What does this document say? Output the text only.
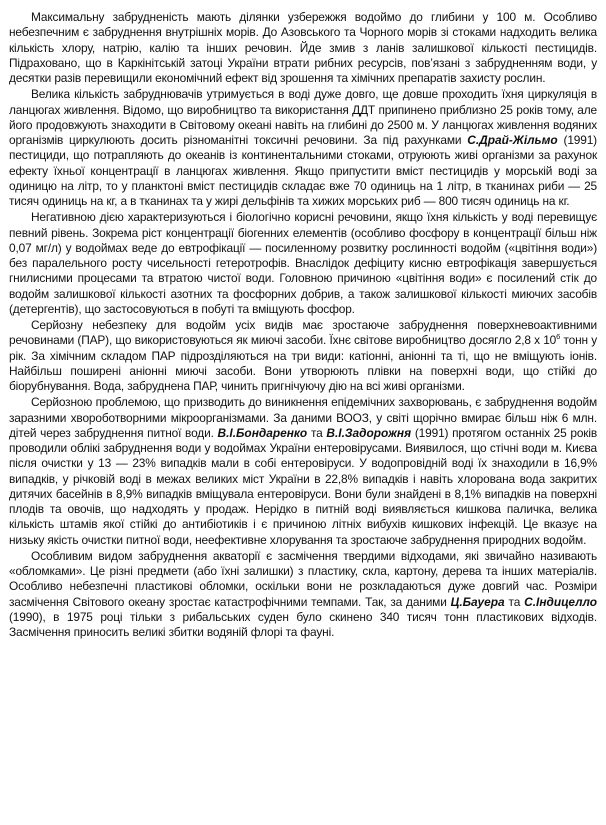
Максимальну забрудненість мають ділянки узбережжя водоймо до глибини у 100 м. Особливо небезпечним є забруднення внутрішніх морів. До Азовського та Чорного морів зі стоками надходить велика кількість хлору, натрію, калію та інших речовин. Йде змив з ланів залишкової кількості пестицидів. Підраховано, що в Каркінітській затоці України втрати рибних ресурсів, пов’язані з забрудненням води, у десятки разів перевищили економічний ефект від зрошення та хімічних препаратів захисту рослин.

Велика кількість забруднювачів утримується в воді дуже довго, ще довше проходить їхня циркуляція в ланцюгах живлення. Відомо, що виробництво та використання ДДТ припинено приблизно 25 років тому, але його продовжують знаходити в Світовому океані навіть на глибині до 2500 м. У ланцюгах живлення водяних організмів циркулюють досить різноманітні токсичні речовини. За під рахунками С.Драй-Жільмо (1991) пестициди, що потрапляють до океанів із континентальними стоками, отруюють живі організми за рахунок ефекту їхньої концентрації в ланцюгах живлення. Якщо припустити вміст пестицидів у морській воді за одиницю на літр, то у планктоні вміст пестицидів складає вже 70 одиниць на 1 літр, в тканинах риби — 25 тисяч одиниць на кг, а в тканинах та у жирі дельфінів та хижих морських риб — 800 тисяч одиниць на кг.

Негативною дією характеризуються і біологічно корисні речовини, якщо їхня кількість у воді перевищує певний рівень. Зокрема ріст концентрації біогенних елементів (особливо фосфору в концентрації більш ніж 0,07 мг/л) у водоймах веде до евтрофікації — посиленному розвитку рослинності водойм («цвітіння води») без паралельного росту чисельності гетеротрофів. Внаслідок дефіциту кисню евтрофікація завершується гнилисними процесами та втратою чистої води. Головною причиною «цвітіння води» є посилений стік до водойм залишкової кількості азотних та фосфорних добрив, а також залишкової кількості миючих засобів (детергентів), що застосовуються в побуті та вміщують фосфор.

Серйозну небезпеку для водойм усіх видів має зростаюче забруднення поверхневоактивними речовинами (ПАР), що використовуються як миючі засоби. Їхнє світове виробництво досягло 2,8 х $10^6$ тонн у рік. За хімічним складом ПАР підрозділяються на три види: катіонні, аніонні та ті, що не вміщують іонів. Найбільш поширені аніонні миючі засоби. Вони утворюють плівки на поверхні води, що стійкі до біорубнування. Вода, забруднена ПАР, чинить пригнічуючу дію на всі живі організми.

Серйозною проблемою, що призводить до виникнення епідемічних захворювань, є забруднення водойм заразними хвороботворними мікроорганізмами. За даними ВООЗ, у світі щорічно вмирає більш ніж 6 млн. дітей через забруднення питної води. В.І.Бондаренко та В.І.Задорожня (1991) протягом останніх 25 років проводили облікі забруднення води у водоймах України ентеровірусами. Виявилося, що стічні води м. Києва після очистки у 13 — 23% випадків мали в собі ентеровіруси. У водопровідній воді їх знаходили в 16,9% випадків, у річковій воді в межах великих міст України в 22,8% випадків і навіть хлорована вода закритих дитячих басейнів в 8,9% випадків вміщувала ентеровіруси. Вони були знайдені в 8,1% випадків на поверхні плодів та овочів, що надходять у продаж. Нерідко в питній воді виявляється кишкова паличка, велика кількість штамів якої стійкі до антибіотиків і є причиною літніх вибухів кишкових інфекцій. Це вказує на низьку якість очистки питної води, неефективне хлорування та зростаюче забруднення природних водойм.

Особливим видом забруднення акваторії є засмічення твердими відходами, які звичайно називають «обломками». Це різні предмети (або їхні залишки) з пластику, скла, картону, дерева та інших матеріалів. Особливо небезпечні пластикові обломки, оскільки вони не розкладаються дуже довгий час. Розміри засмічення Світового океану зростає катастрофічними темпами. Так, за даними Ц.Бауера та С.Індицелло (1990), в 1975 році тільки з рибальських суден було скинено 340 тисяч тонн пластикових відходів. Засмічення приносить великі збитки водяній флорі та фауні.
